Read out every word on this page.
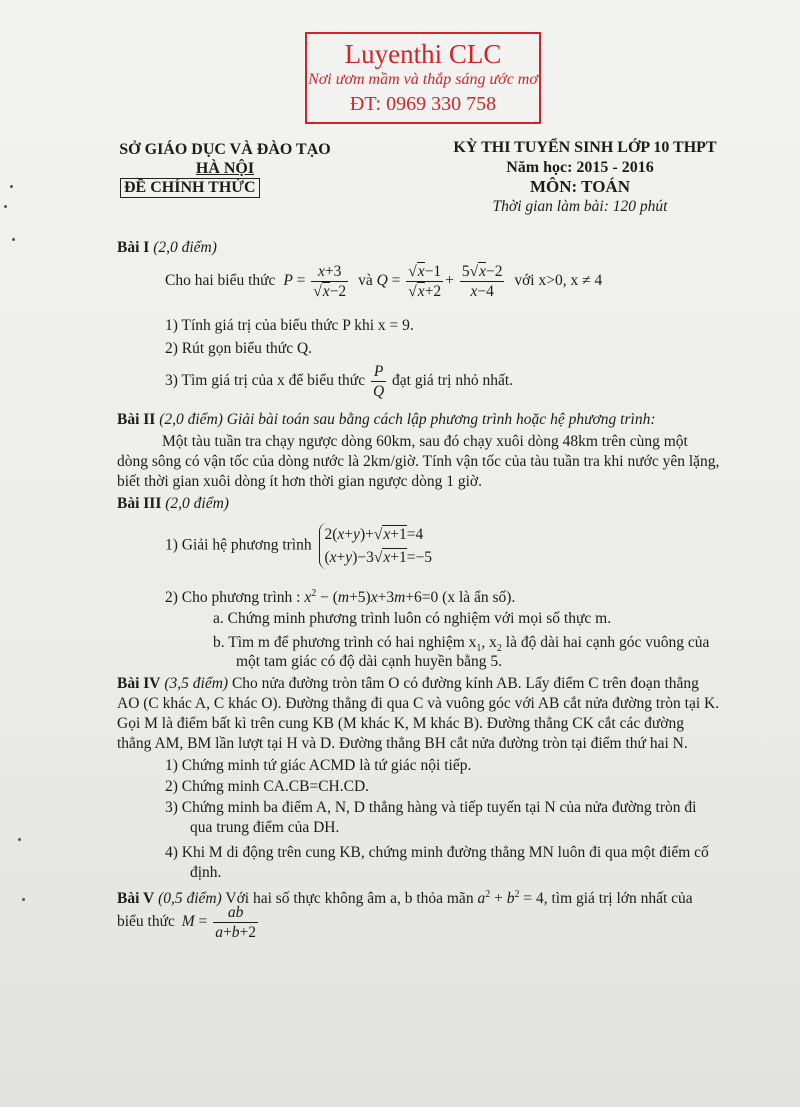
Luyenthi CLC
Nơi ươm mầm và thắp sáng ước mơ
ĐT: 0969 330 758
SỞ GIÁO DỤC VÀ ĐÀO TẠO
HÀ NỘI
ĐỀ CHÍNH THỨC
KỲ THI TUYỂN SINH LỚP 10 THPT
Năm học: 2015 - 2016
MÔN: TOÁN
Thời gian làm bài: 120 phút
Bài I (2,0 điểm)
Cho hai biểu thức $P = \frac{x+3}{√x-2}$ và $Q = \frac{√x-1}{√x+2} + \frac{5√x-2}{x-4}$ với x>0, x ≠ 4
1) Tính giá trị của biểu thức P khi x = 9.
2) Rút gọn biểu thức Q.
3) Tìm giá trị của x để biểu thức $\frac{P}{Q}$ đạt giá trị nhỏ nhất.
Bài II (2,0 điểm) Giải bài toán sau bằng cách lập phương trình hoặc hệ phương trình:
Một tàu tuần tra chạy ngược dòng 60km, sau đó chạy xuôi dòng 48km trên cùng một
dòng sông có vận tốc của dòng nước là 2km/giờ. Tính vận tốc của tàu tuần tra khi nước yên lặng,
biết thời gian xuôi dòng ít hơn thời gian ngược dòng 1 giờ.
Bài III (2,0 điểm)
1) Giải hệ phương trình
2(x+y)+√x+1=4
(x+y)−3√x+1=−5
2) Cho phương trình : $x^2 - (m+5)x+3m+6=0$ (x là ẩn số).
a. Chứng minh phương trình luôn có nghiệm với mọi số thực m.
b. Tìm m để phương trình có hai nghiệm $x_1$, $x_2$ là độ dài hai cạnh góc vuông của
một tam giác có độ dài cạnh huyền bằng 5.
Bài IV (3,5 điểm) Cho nửa đường tròn tâm O có đường kính AB. Lấy điểm C trên đoạn thẳng
AO (C khác A, C khác O). Đường thẳng đi qua C và vuông góc với AB cắt nửa đường tròn tại K.
Gọi M là điểm bất kì trên cung KB (M khác K, M khác B). Đường thẳng CK cắt các đường
thẳng AM, BM lần lượt tại H và D. Đường thẳng BH cắt nửa đường tròn tại điểm thứ hai N.
1) Chứng minh tứ giác ACMD là tứ giác nội tiếp.
2) Chứng minh CA.CB=CH.CD.
3) Chứng minh ba điểm A, N, D thẳng hàng và tiếp tuyến tại N của nửa đường tròn đi
qua trung điểm của DH.
4) Khi M di động trên cung KB, chứng minh đường thẳng MN luôn đi qua một điểm cố
định.
Bài V (0,5 điểm) Với hai số thực không âm a, b thỏa mãn $a^2 + b^2 = 4$, tìm giá trị lớn nhất của
biểu thức $M = \frac{ab}{a+b+2}$
